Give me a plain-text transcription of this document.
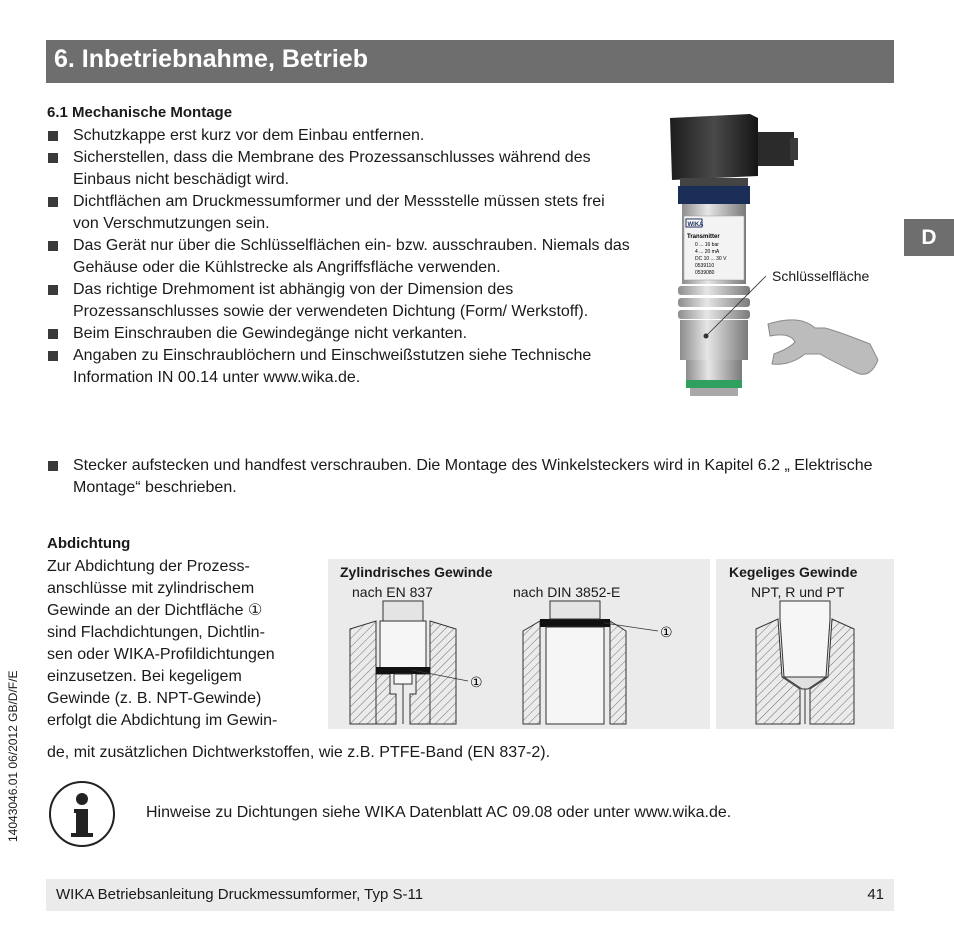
6. Inbetriebnahme, Betrieb
D
6.1 Mechanische Montage
Schutzkappe erst kurz vor dem Einbau entfernen.
Sicherstellen, dass die Membrane des Prozessanschlusses während des Einbaus nicht beschädigt wird.
Dichtflächen am Druckmessumformer und der Messstelle müssen stets frei von Verschmutzungen sein.
Das Gerät nur über die Schlüsselflächen ein- bzw. ausschrauben. Niemals das Gehäuse oder die Kühlstrecke als Angriffsfläche verwenden.
Das richtige Drehmoment ist abhängig von der Dimension des Prozessanschlusses sowie der verwendeten Dichtung (Form/ Werkstoff).
Beim Einschrauben die Gewindegänge nicht verkanten.
Angaben zu Einschraublöchern und Einschweißstutzen siehe Technische Information IN 00.14 unter www.wika.de.
Stecker aufstecken und handfest verschrauben. Die Montage des Winkelsteckers wird in Kapitel 6.2 „ Elektrische Montage“ beschrieben.
WIKA
Transmitter
0 ... 16 bar
4 ... 20 mA
DC 10 ... 30 V
0539110
0539080	Schlüsselfläche
Abdichtung
Zur Abdichtung der Prozess-
anschlüsse mit zylindrischem
Gewinde an der Dichtfläche ①
sind Flachdichtungen, Dichtlin-
sen oder WIKA-Profildichtungen
einzusetzen. Bei kegeligem
Gewinde (z. B. NPT-Gewinde)
erfolgt die Abdichtung im Gewin-
de, mit zusätzlichen Dichtwerkstoffen, wie z.B. PTFE-Band (EN 837-2).
Zylindrisches Gewinde
nach EN 837	nach DIN 3852-E
①
①
Kegeliges Gewinde
NPT, R und PT
Hinweise zu Dichtungen siehe WIKA Datenblatt AC 09.08 oder unter www.wika.de.
WIKA Betriebsanleitung Druckmessumformer, Typ S-11	41
14043046.01 06/2012 GB/D/F/E
